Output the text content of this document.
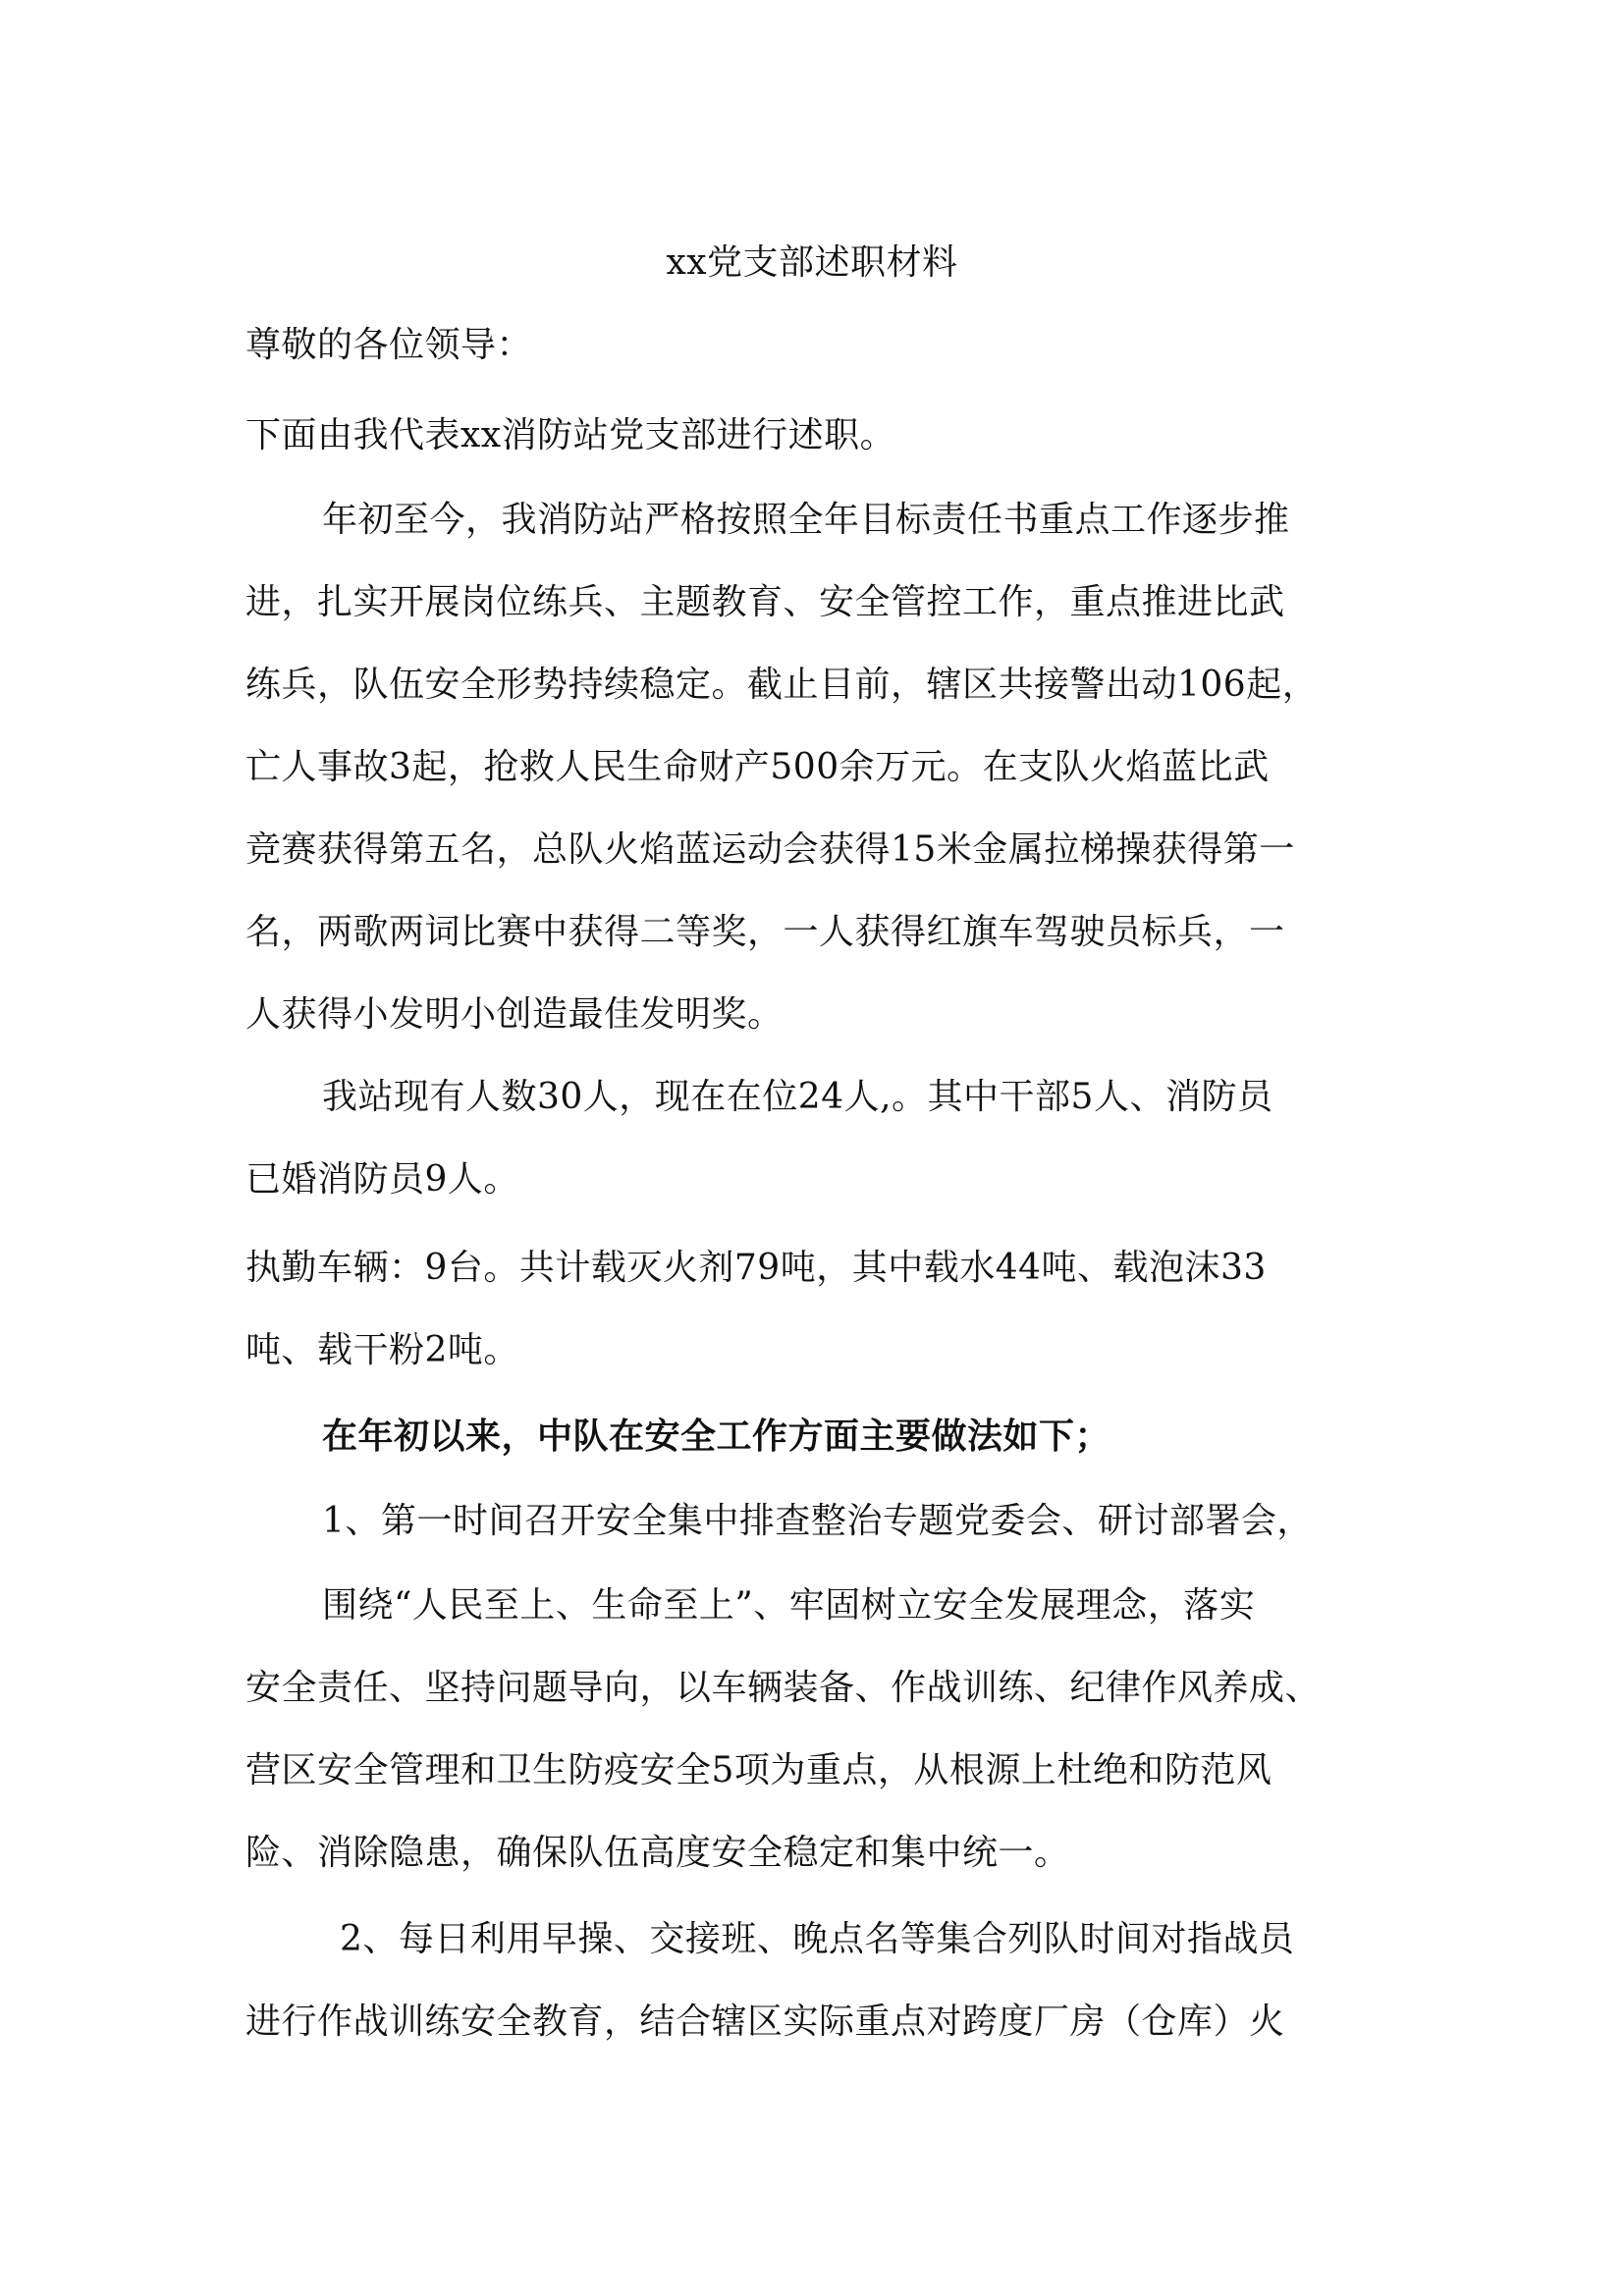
xx党支部述职材料
尊敬的各位领导：
下面由我代表xx消防站党支部进行述职。
年初至今，我消防站严格按照全年目标责任书重点工作逐步推
进，扎实开展岗位练兵、主题教育、安全管控工作，重点推进比武
练兵，队伍安全形势持续稳定。截止目前，辖区共接警出动106起，
亡人事故3起，抢救人民生命财产500余万元。在支队火焰蓝比武
竞赛获得第五名，总队火焰蓝运动会获得15米金属拉梯操获得第一
名，两歌两词比赛中获得二等奖，一人获得红旗车驾驶员标兵，一
人获得小发明小创造最佳发明奖。
我站现有人数30人，现在在位24人,。其中干部5人、消防员
已婚消防员9人。
执勤车辆：9台。共计载灭火剂79吨，其中载水44吨、载泡沫33
吨、载干粉2吨。
在年初以来，中队在安全工作方面主要做法如下；
1、第一时间召开安全集中排查整治专题党委会、研讨部署会，
围绕“人民至上、生命至上”、牢固树立安全发展理念，落实
安全责任、坚持问题导向，以车辆装备、作战训练、纪律作风养成、
营区安全管理和卫生防疫安全5项为重点，从根源上杜绝和防范风
险、消除隐患，确保队伍高度安全稳定和集中统一。
2、每日利用早操、交接班、晚点名等集合列队时间对指战员
进行作战训练安全教育，结合辖区实际重点对跨度厂房（仓库）火
